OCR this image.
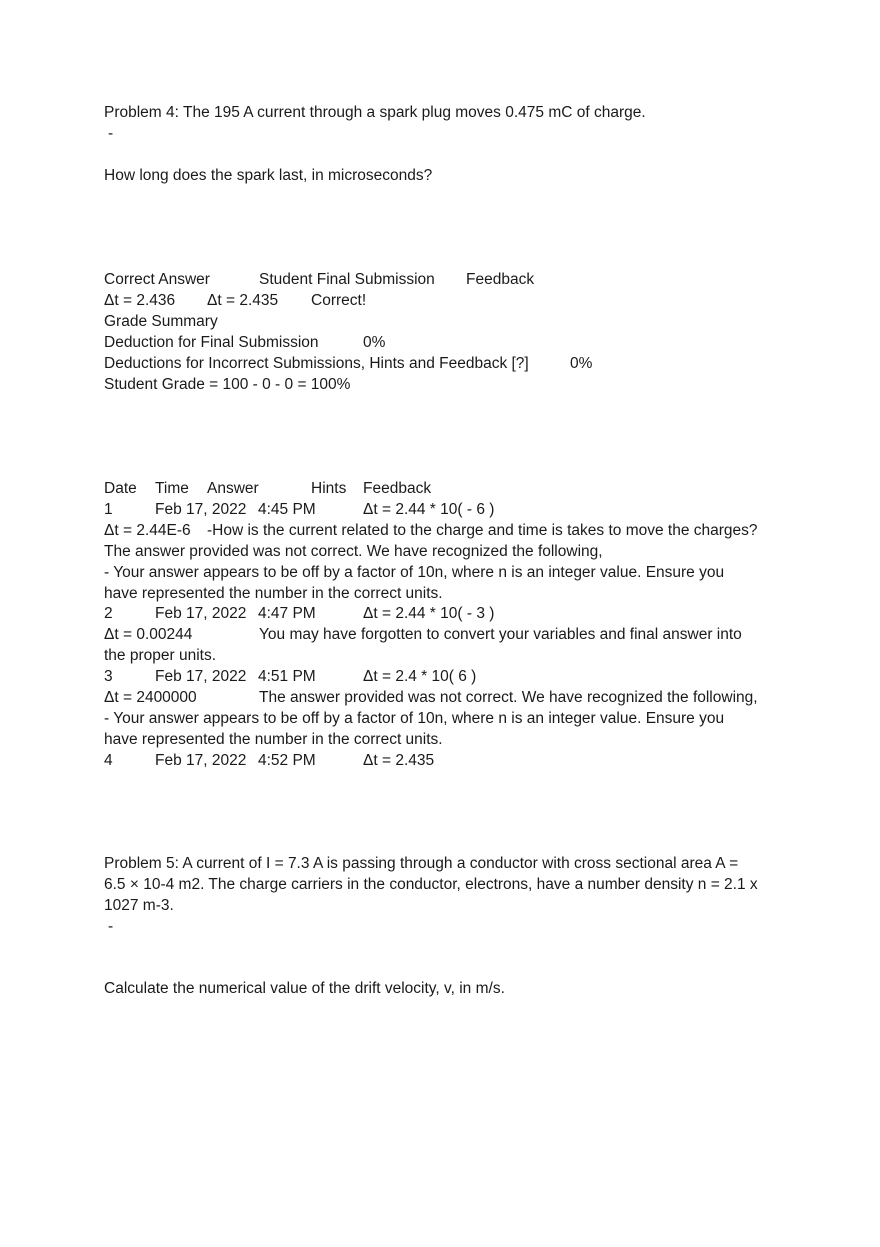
Problem 4: The 195 A current through a spark plug moves 0.475 mC of charge.
-
How long does the spark last, in microseconds?
Correct Answer	Student Final Submission Feedback
Δt = 2.436 Δt = 2.435 Correct!
Grade Summary
Deduction for Final Submission	0%
Deductions for Incorrect Submissions, Hints and Feedback [?]	0%
Student Grade = 100 - 0 - 0 = 100%
Date Time Answer	Hints Feedback
1	Feb 17, 2022 4:45 PM	Δt = 2.44 * 10( - 6 )
Δt = 2.44E-6 -How is the current related to the charge and time is takes to move the charges?
The answer provided was not correct. We have recognized the following,
- Your answer appears to be off by a factor of 10n, where n is an integer value. Ensure you
have represented the number in the correct units.
2	Feb 17, 2022 4:47 PM	Δt = 2.44 * 10( - 3 )
Δt = 0.00244	You may have forgotten to convert your variables and final answer into
the proper units.
3	Feb 17, 2022 4:51 PM	Δt = 2.4 * 10( 6 )
Δt = 2400000	The answer provided was not correct. We have recognized the following,
- Your answer appears to be off by a factor of 10n, where n is an integer value. Ensure you
have represented the number in the correct units.
4	Feb 17, 2022 4:52 PM	Δt = 2.435
Problem 5: A current of I = 7.3 A is passing through a conductor with cross sectional area A =
6.5 × 10-4 m2. The charge carriers in the conductor, electrons, have a number density n = 2.1 x
1027 m-3.
-
Calculate the numerical value of the drift velocity, v, in m/s.
